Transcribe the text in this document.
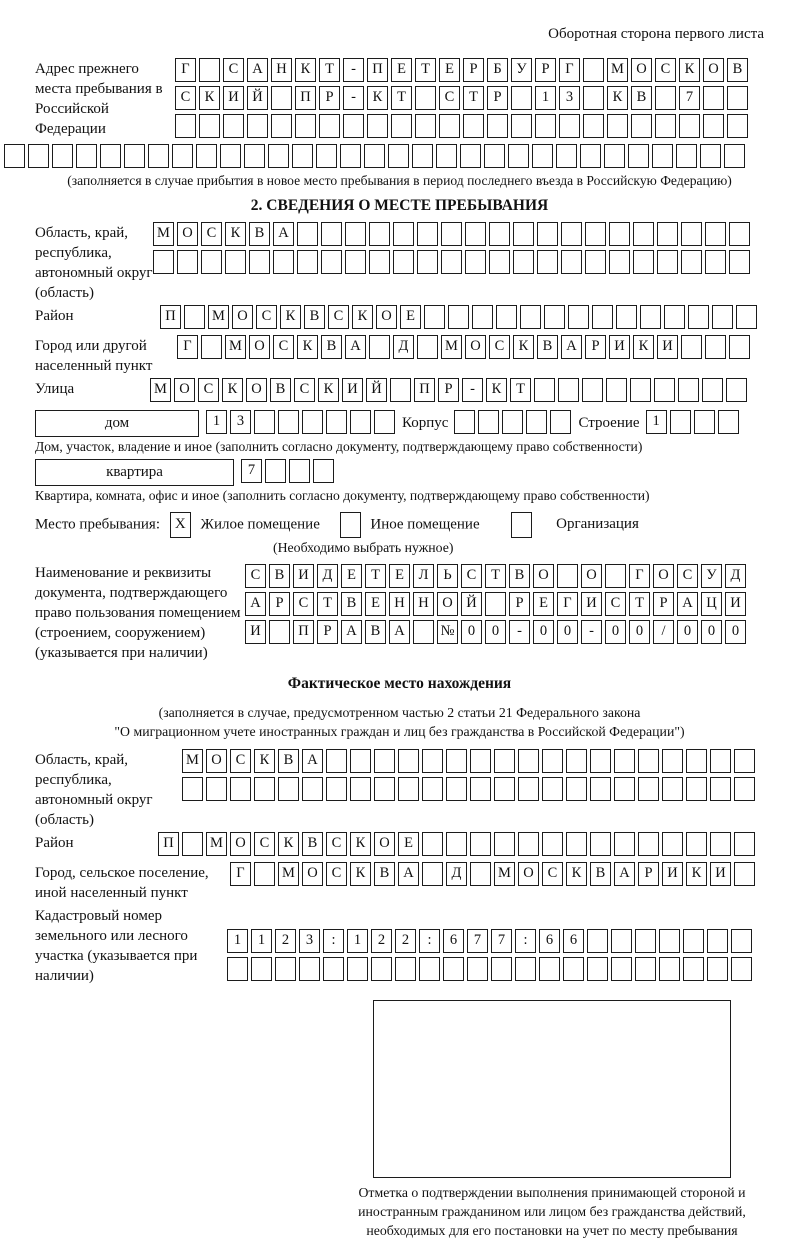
Оборотная сторона первого листа
Адрес прежнего места пребывания в Российской Федерации
Г	С А Н К Т - П Е Т Е Р Б У Р Г	М О С К О В
С К И Й	П Р - К Т	С Т Р	1 3	К В	7
(заполняется в случае прибытия в новое место пребывания в период последнего въезда в Российскую Федерацию)
2. СВЕДЕНИЯ О МЕСТЕ ПРЕБЫВАНИЯ
Область, край, республика, автономный округ (область)
М О С К В А
Район	П	М О С К В С К О Е
Город или другой населенный пункт
Г	М О С К В А	Д	М О С К В А Р И К И
Улица	М О С К О В С К И Й	П Р - К Т
дом	1 3	Корпус	Строение 1
Дом, участок, владение и иное (заполнить согласно документу, подтверждающему право собственности)
квартира	7
Квартира, комната, офис и иное (заполнить согласно документу, подтверждающему право собственности)
Место пребывания: X Жилое помещение	Иное помещение	Организация
(Необходимо выбрать нужное)
Наименование и реквизиты документа, подтверждающего право пользования помещением (строением, сооружением) (указывается при наличии)
С В И Д Е Т Е Л Ь С Т В О	О	Г О С У Д
А Р С Т В Е Н Н О Й	Р Е Г И С Т Р А Ц И
И	П Р А В А № 0 0 - 0 0 - 0 0 / 0 0 0
Фактическое место нахождения
(заполняется в случае, предусмотренном частью 2 статьи 21 Федерального закона
"О миграционном учете иностранных граждан и лиц без гражданства в Российской Федерации")
Область, край, республика, автономный округ (область)
М О С К В А
Район	П	М О С К В С К О Е
Город, сельское поселение, иной населенный пункт
Г	М О С К В А	Д	М О С К В А Р И К И
Кадастровый номер земельного или лесного участка (указывается при наличии)
1 1 2 3 : 1 2 2 : 6 7 7 : 6 6
Отметка о подтверждении выполнения принимающей стороной и иностранным гражданином или лицом без гражданства действий, необходимых для его постановки на учет по месту пребывания
